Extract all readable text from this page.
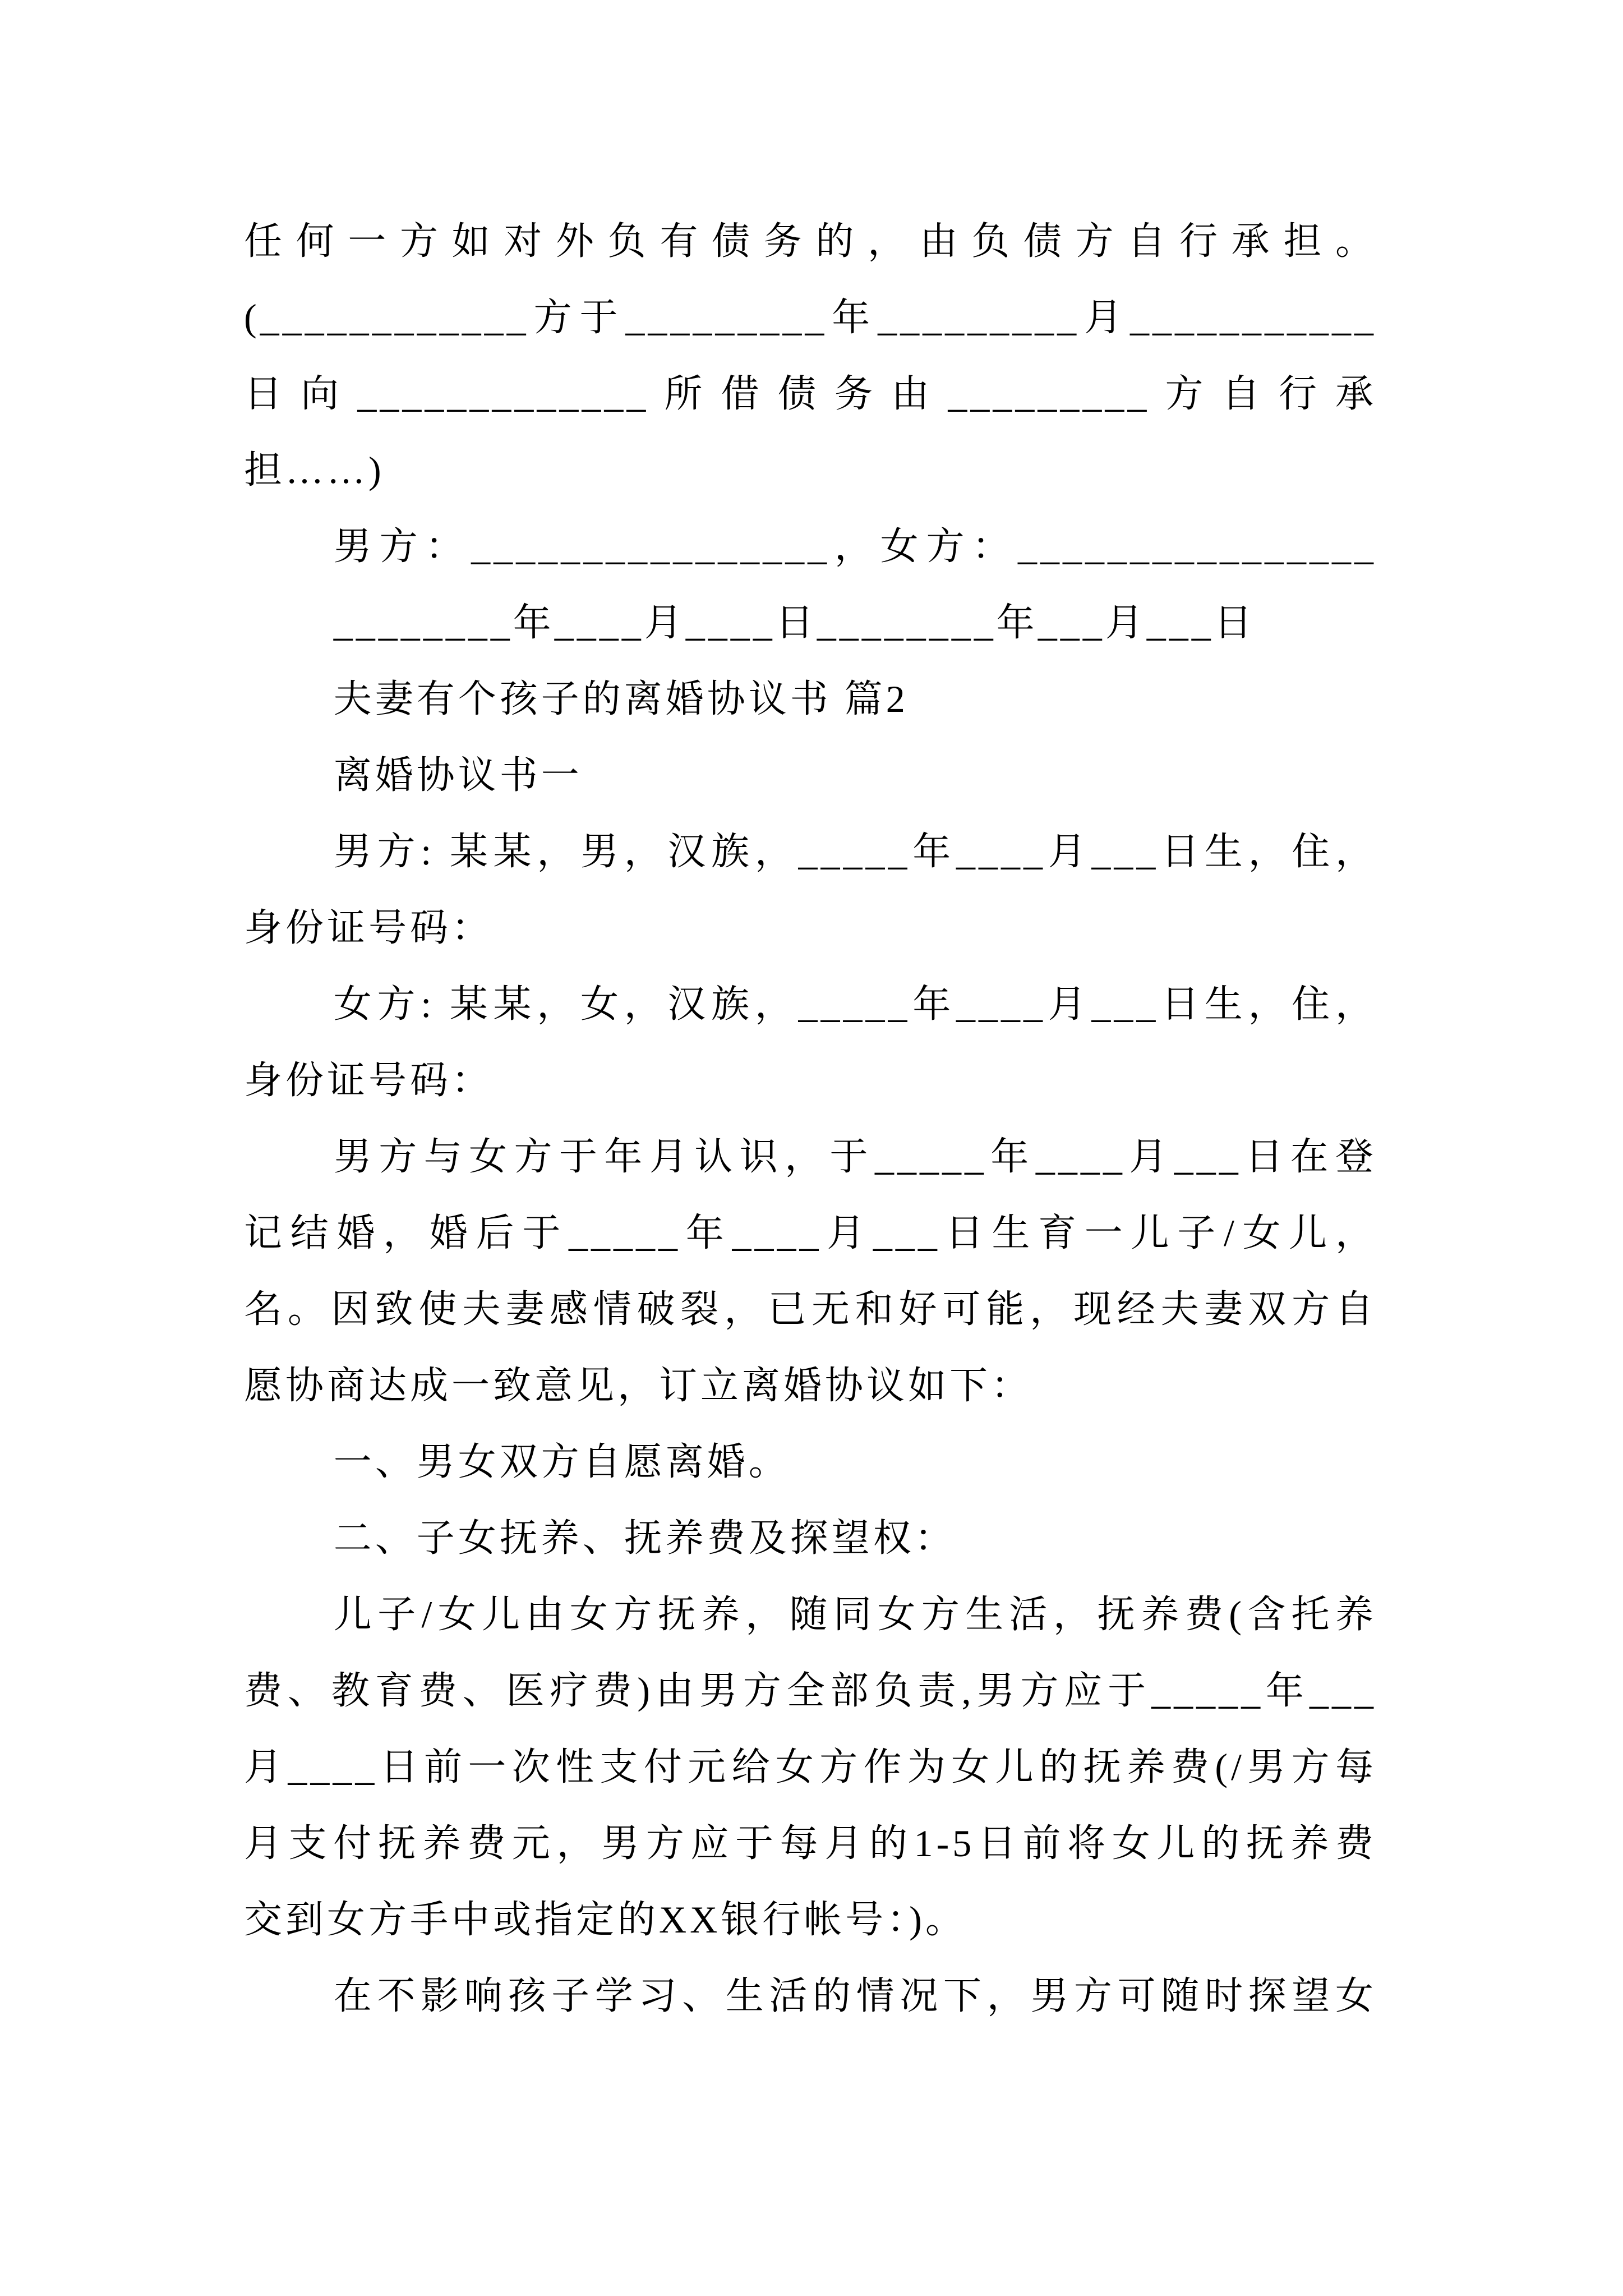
任何一方如对外负有债务的，由负债方自行承担。
(____________方于_________年_________月___________
日向_____________所借债务由_________方自行承
担……)
男方：________________，女方：________________
________年____月____日________年___月___日
夫妻有个孩子的离婚协议书 篇2
离婚协议书一
男方: 某某，男，汉族，_____年____月___日生，住，
身份证号码：
女方: 某某，女，汉族，_____年____月___日生，住，
身份证号码：
男方与女方于年月认识，于_____年____月___日在登
记结婚，婚后于_____年____月___日生育一儿子/女儿，
名。因致使夫妻感情破裂，已无和好可能，现经夫妻双方自
愿协商达成一致意见，订立离婚协议如下：
一、男女双方自愿离婚。
二、子女抚养、抚养费及探望权：
儿子/女儿由女方抚养，随同女方生活，抚养费(含托养
费、教育费、医疗费)由男方全部负责,男方应于_____年___
月____日前一次性支付元给女方作为女儿的抚养费(/男方每
月支付抚养费元，男方应于每月的1-5日前将女儿的抚养费
交到女方手中或指定的XX银行帐号：)。
在不影响孩子学习、生活的情况下，男方可随时探望女
